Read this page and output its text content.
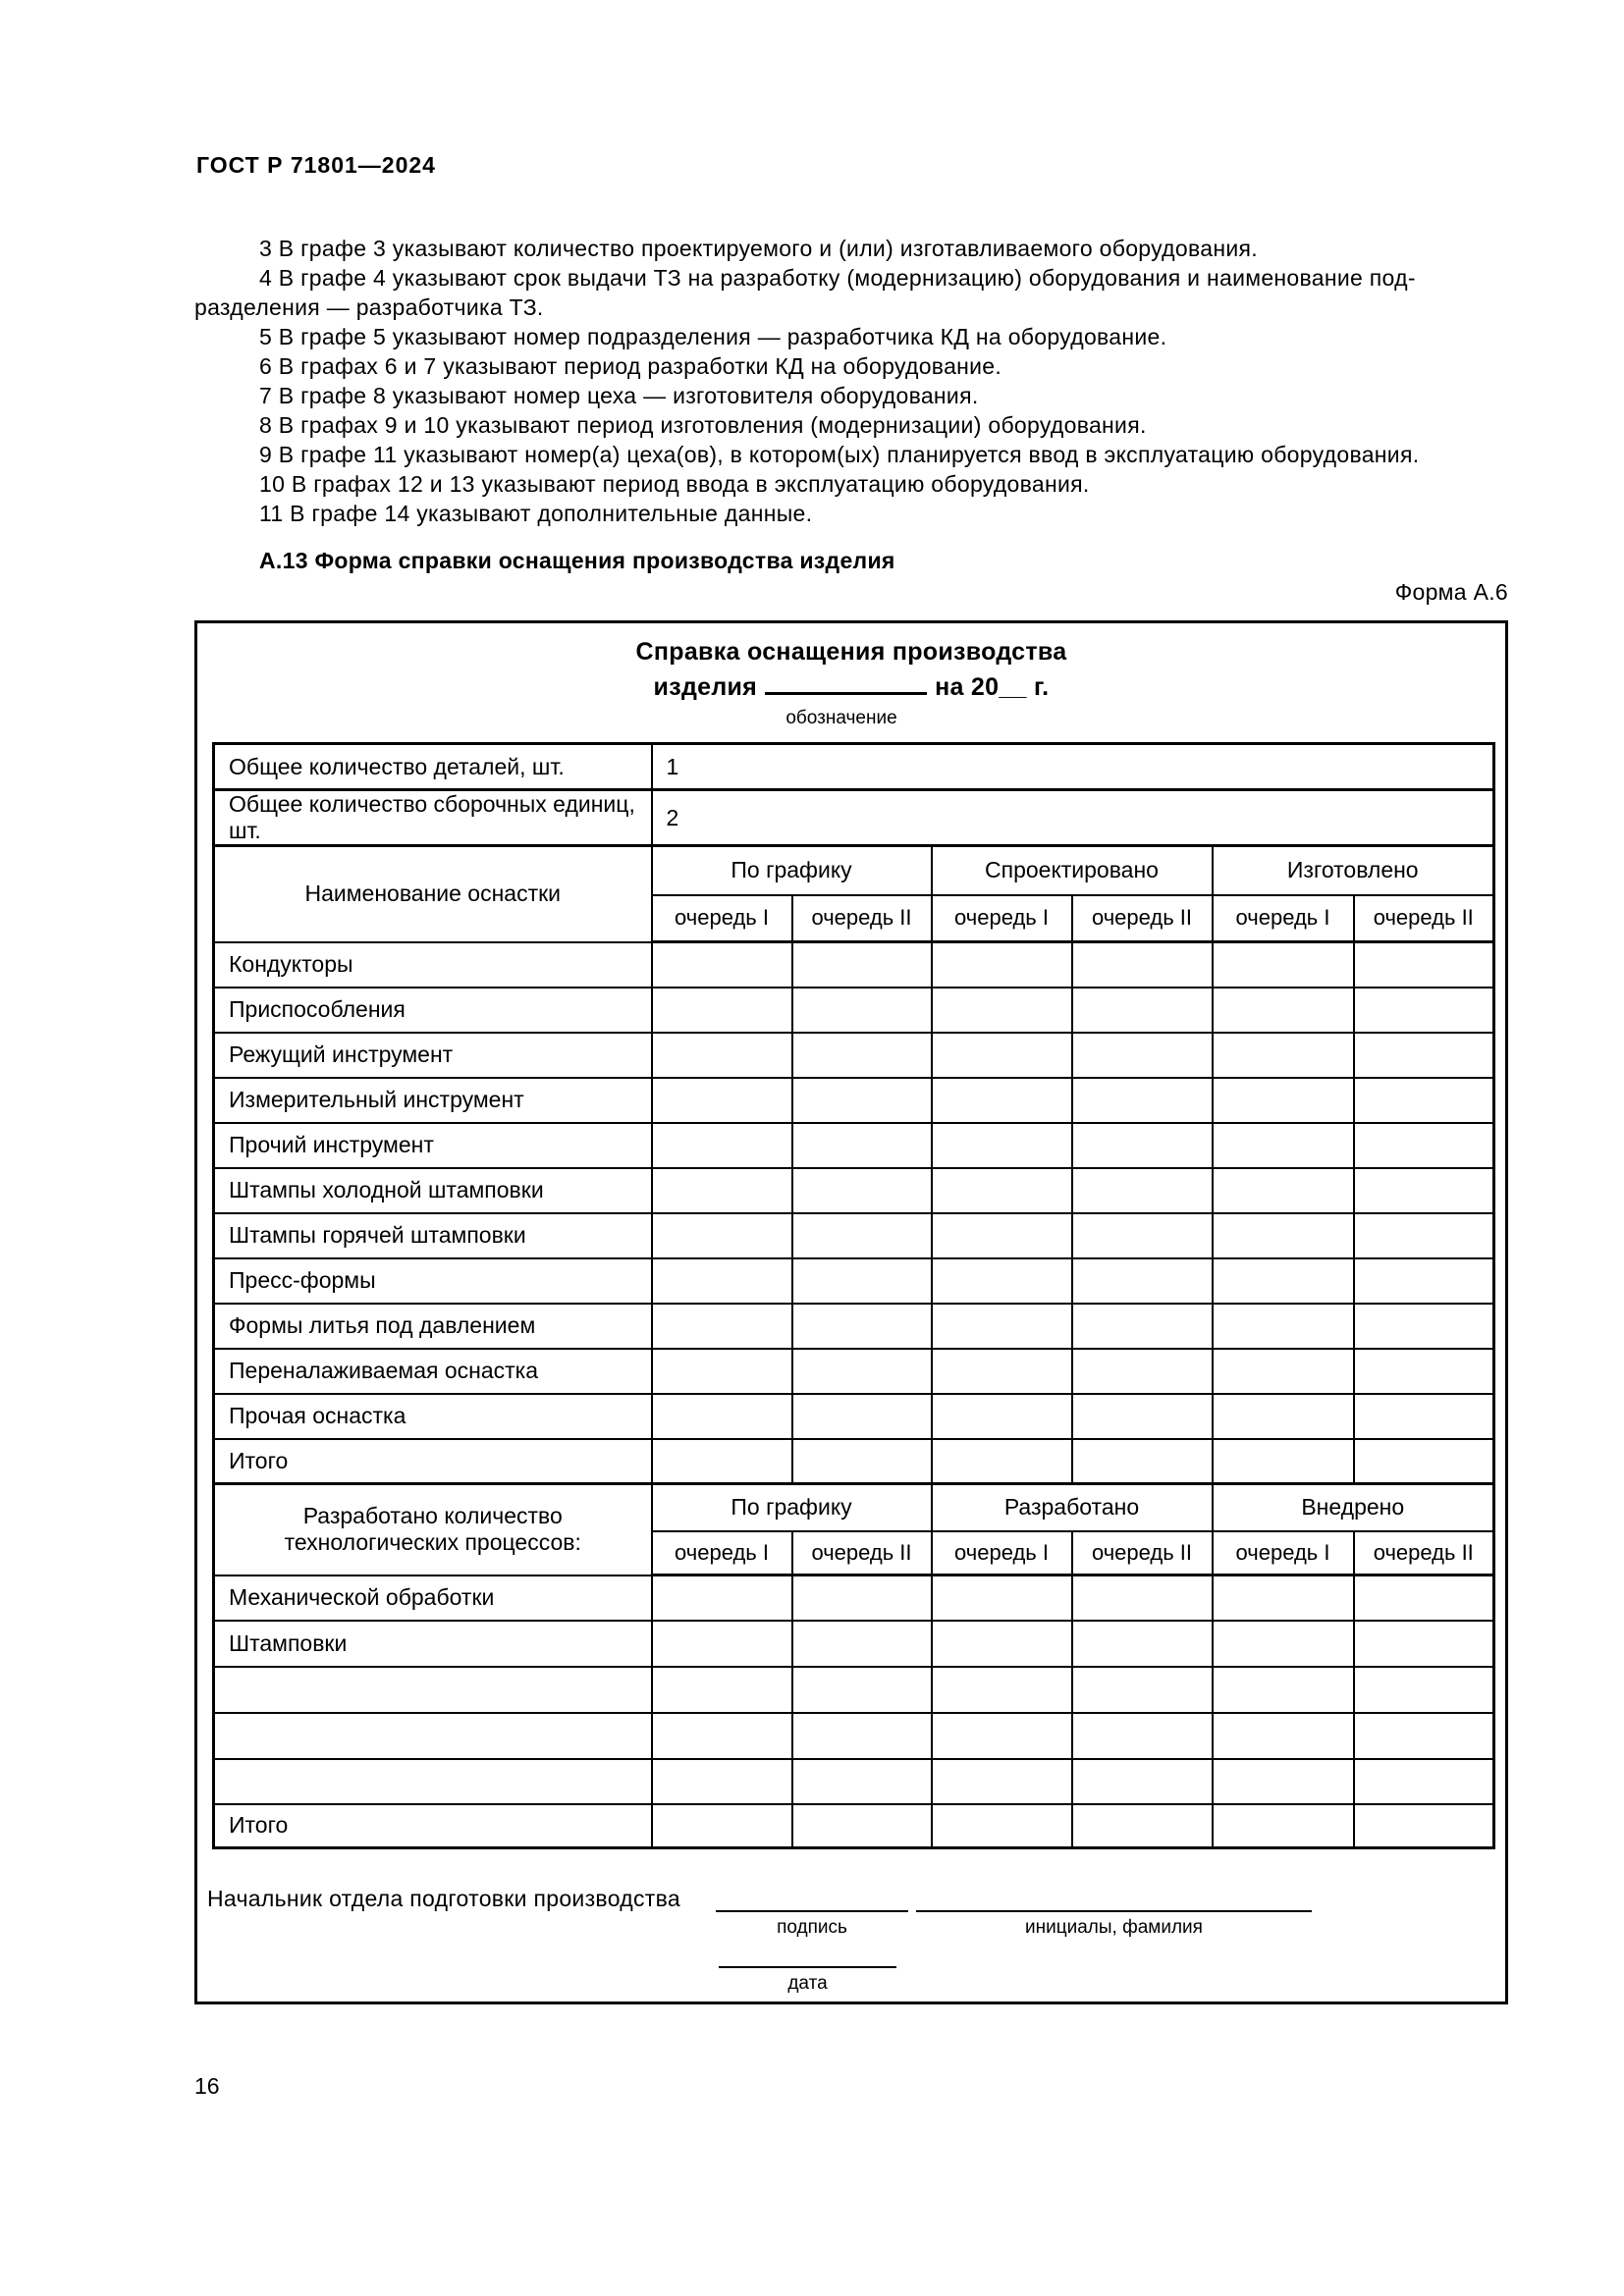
ГОСТ Р 71801—2024

3 В графе 3 указывают количество проектируемого и (или) изготавливаемого оборудования.

4 В графе 4 указывают срок выдачи ТЗ на разработку (модернизацию) оборудования и наименование под-

разделения — разработчика ТЗ.

5 В графе 5 указывают номер подразделения — разработчика КД на оборудование.

6 В графах 6 и 7 указывают период разработки КД на оборудование.

7 В графе 8 указывают номер цеха — изготовителя оборудования.

8 В графах 9 и 10 указывают период изготовления (модернизации) оборудования.

9 В графе 11 указывают номер(а) цеха(ов), в котором(ых) планируется ввод в эксплуатацию оборудования.

10 В графах 12 и 13 указывают период ввода в эксплуатацию оборудования.

11 В графе 14 указывают дополнительные данные.

А.13 Форма справки оснащения производства изделия
Форма А.6
Справка оснащения производства
изделия	на 20__ г.
обозначение
Общее количество деталей, шт.	1					
Общее количество сборочных единиц, шт.	2					
Наименование оснастки	По графику		Спроектировано		Изготовлено	
	очередь I	очередь II	очередь I	очередь II	очередь I	очередь II
Кондукторы						
Приспособления						
Режущий инструмент						
Измерительный инструмент						
Прочий инструмент						
Штампы холодной штамповки						
Штампы горячей штамповки						
Пресс-формы						
Формы литья под давлением						
Переналаживаемая оснастка						
Прочая оснастка						
Итого						
Разработано количество технологических процессов:	По графику		Разработано		Внедрено	
	очередь I	очередь II	очередь I	очередь II	очередь I	очередь II
Механической обработки						
Штамповки						

Итого						
Начальник отдела подготовки производства
подпись	инициалы, фамилия
дата
16
